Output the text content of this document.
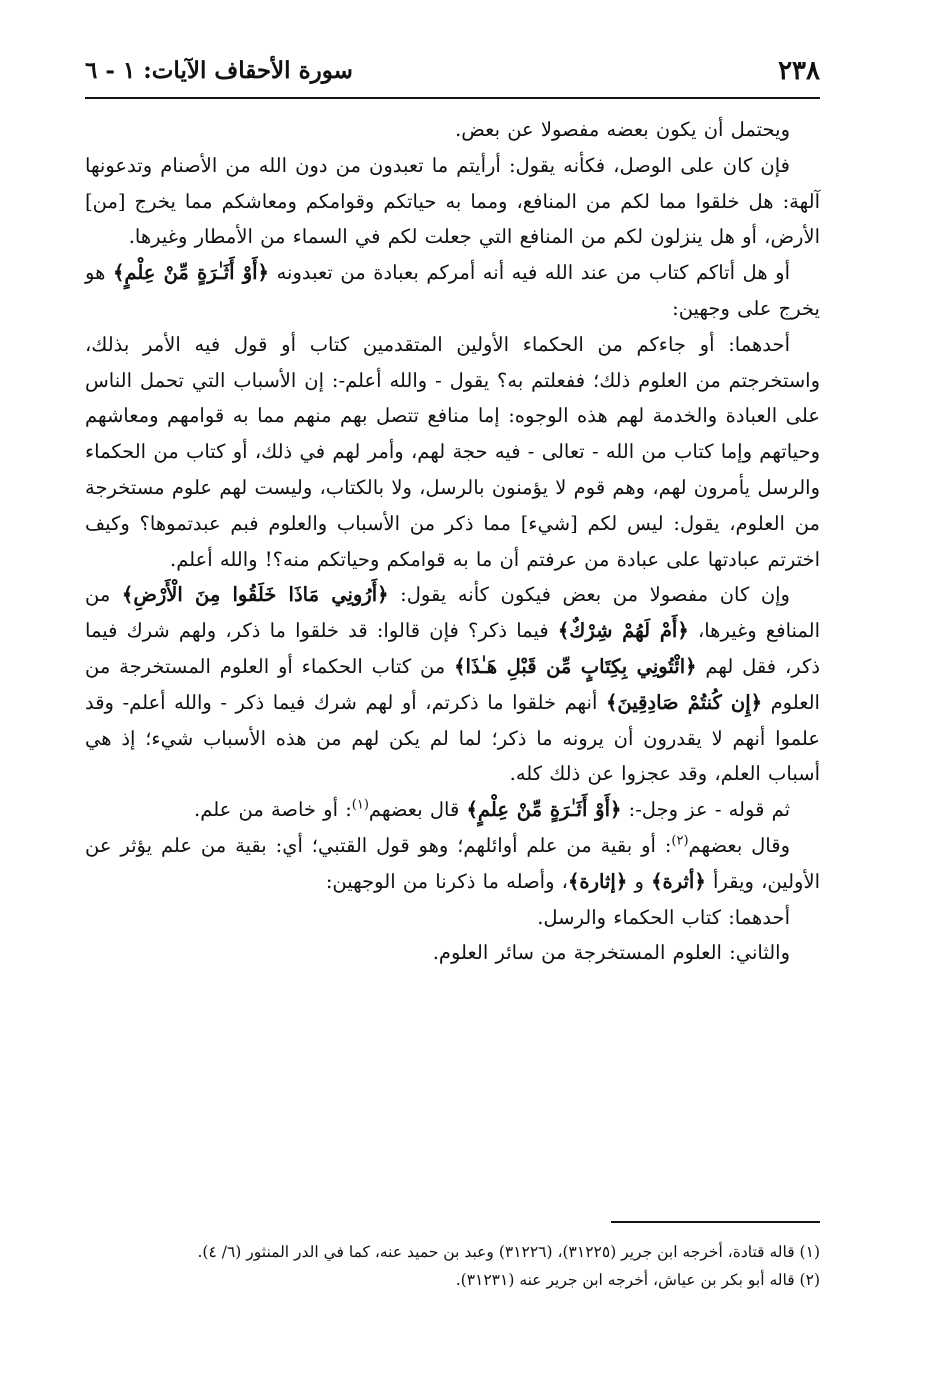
٢٣٨
سورة الأحقاف الآيات: ١ - ٦

ويحتمل أن يكون بعضه مفصولا عن بعض.

فإن كان على الوصل، فكأنه يقول: أرأيتم ما تعبدون من دون الله من الأصنام وتدعونها آلهة: هل خلقوا مما لكم من المنافع، ومما به حياتكم وقوامكم ومعاشكم مما يخرج [من] الأرض، أو هل ينزلون لكم من المنافع التي جعلت لكم في السماء من الأمطار وغيرها.

أو هل أتاكم كتاب من عند الله فيه أنه أمركم بعبادة من تعبدونه ﴿أَوْ أَثَـٰرَةٍ مِّنْ عِلْمٍ﴾ هو يخرج على وجهين:

أحدهما: أو جاءكم من الحكماء الأولين المتقدمين كتاب أو قول فيه الأمر بذلك، واستخرجتم من العلوم ذلك؛ ففعلتم به؟ يقول - والله أعلم-: إن الأسباب التي تحمل الناس على العبادة والخدمة لهم هذه الوجوه: إما منافع تتصل بهم منهم مما به قوامهم ومعاشهم وحياتهم وإما كتاب من الله - تعالى - فيه حجة لهم، وأمر لهم في ذلك، أو كتاب من الحكماء والرسل يأمرون لهم، وهم قوم لا يؤمنون بالرسل، ولا بالكتاب، وليست لهم علوم مستخرجة من العلوم، يقول: ليس لكم [شيء] مما ذكر من الأسباب والعلوم فبم عبدتموها؟ وكيف اخترتم عبادتها على عبادة من عرفتم أن ما به قوامكم وحياتكم منه؟! والله أعلم.

وإن كان مفصولا من بعض فيكون كأنه يقول: ﴿أَرُونِي مَاذَا خَلَقُوا مِنَ الْأَرْضِ﴾ من المنافع وغيرها، ﴿أَمْ لَهُمْ شِرْكٌ﴾ فيما ذكر؟ فإن قالوا: قد خلقوا ما ذكر، ولهم شرك فيما ذكر، فقل لهم ﴿ائْتُونِي بِكِتَابٍ مِّن قَبْلِ هَـٰذَا﴾ من كتاب الحكماء أو العلوم المستخرجة من العلوم ﴿إِن كُنتُمْ صَادِقِينَ﴾ أنهم خلقوا ما ذكرتم، أو لهم شرك فيما ذكر - والله أعلم- وقد علموا أنهم لا يقدرون أن يرونه ما ذكر؛ لما لم يكن لهم من هذه الأسباب شيء؛ إذ هي أسباب العلم، وقد عجزوا عن ذلك كله.

ثم قوله - عز وجل-: ﴿أَوْ أَثَـٰرَةٍ مِّنْ عِلْمٍ﴾ قال بعضهم$^{(١)}$: أو خاصة من علم.

وقال بعضهم$^{(٢)}$: أو بقية من علم أوائلهم؛ وهو قول القتبي؛ أي: بقية من علم يؤثر عن الأولين، ويقرأ ﴿أثرة﴾ و ﴿إثارة﴾، وأصله ما ذكرنا من الوجهين:

أحدهما: كتاب الحكماء والرسل.

والثاني: العلوم المستخرجة من سائر العلوم.

(١) قاله قتادة، أخرجه ابن جرير (٣١٢٢٥)، (٣١٢٢٦) وعبد بن حميد عنه، كما في الدر المنثور (٦/ ٤).

(٢) قاله أبو بكر بن عياش، أخرجه ابن جرير عنه (٣١٢٣١).
